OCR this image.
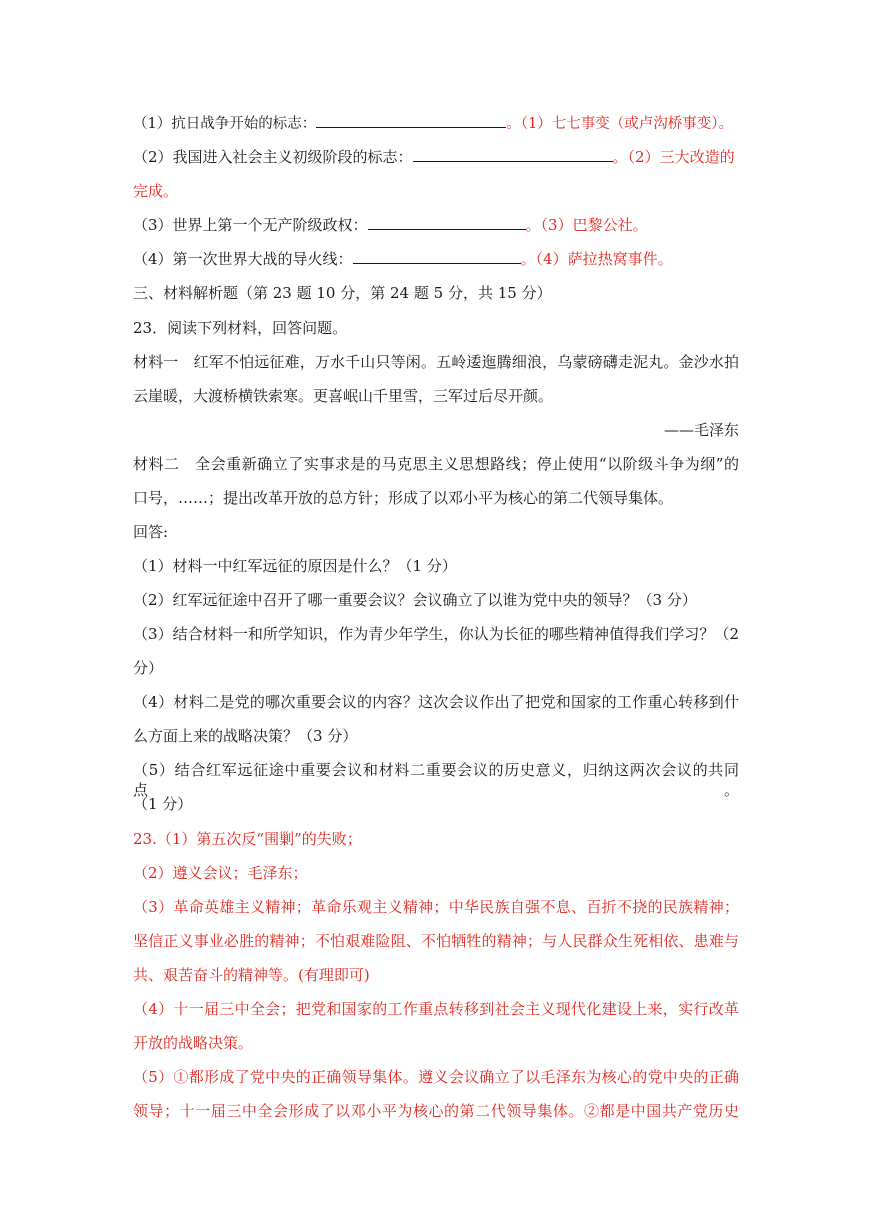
（1）抗日战争开始的标志：	。（1）七七事变（或卢沟桥事变）。
（2）我国进入社会主义初级阶段的标志：	。（2）三大改造的
完成。
（3）世界上第一个无产阶级政权：	。（3）巴黎公社。
（4）第一次世界大战的导火线：	。（4）萨拉热窝事件。
三、材料解析题（第 23 题 10 分，第 24 题 5 分，共 15 分）
23．阅读下列材料，回答问题。
材料一　红军不怕远征难，万水千山只等闲。五岭逶迤腾细浪，乌蒙磅礴走泥丸。金沙水拍
云崖暖，大渡桥横铁索寒。更喜岷山千里雪，三军过后尽开颜。
——毛泽东
材料二　全会重新确立了实事求是的马克思主义思想路线；停止使用“以阶级斗争为纲”的
口号，……；提出改革开放的总方针；形成了以邓小平为核心的第二代领导集体。
回答:
（1）材料一中红军远征的原因是什么？（1 分）
（2）红军远征途中召开了哪一重要会议？会议确立了以谁为党中央的领导？（3 分）
（3）结合材料一和所学知识，作为青少年学生，你认为长征的哪些精神值得我们学习？（2
分）
（4）材料二是党的哪次重要会议的内容？这次会议作出了把党和国家的工作重心转移到什
么方面上来的战略决策？（3 分）
（5）结合红军远征途中重要会议和材料二重要会议的历史意义，归纳这两次会议的共同点。
（1 分）
23.（1）第五次反“围剿”的失败；
（2）遵义会议；毛泽东；
（3）革命英雄主义精神；革命乐观主义精神；中华民族自强不息、百折不挠的民族精神；
坚信正义事业必胜的精神；不怕艰难险阻、不怕牺牲的精神；与人民群众生死相依、患难与
共、艰苦奋斗的精神等。(有理即可)
（4）十一届三中全会；把党和国家的工作重点转移到社会主义现代化建设上来，实行改革
开放的战略决策。
（5）①都形成了党中央的正确领导集体。遵义会议确立了以毛泽东为核心的党中央的正确
领导；十一届三中全会形成了以邓小平为核心的第二代领导集体。②都是中国共产党历史
